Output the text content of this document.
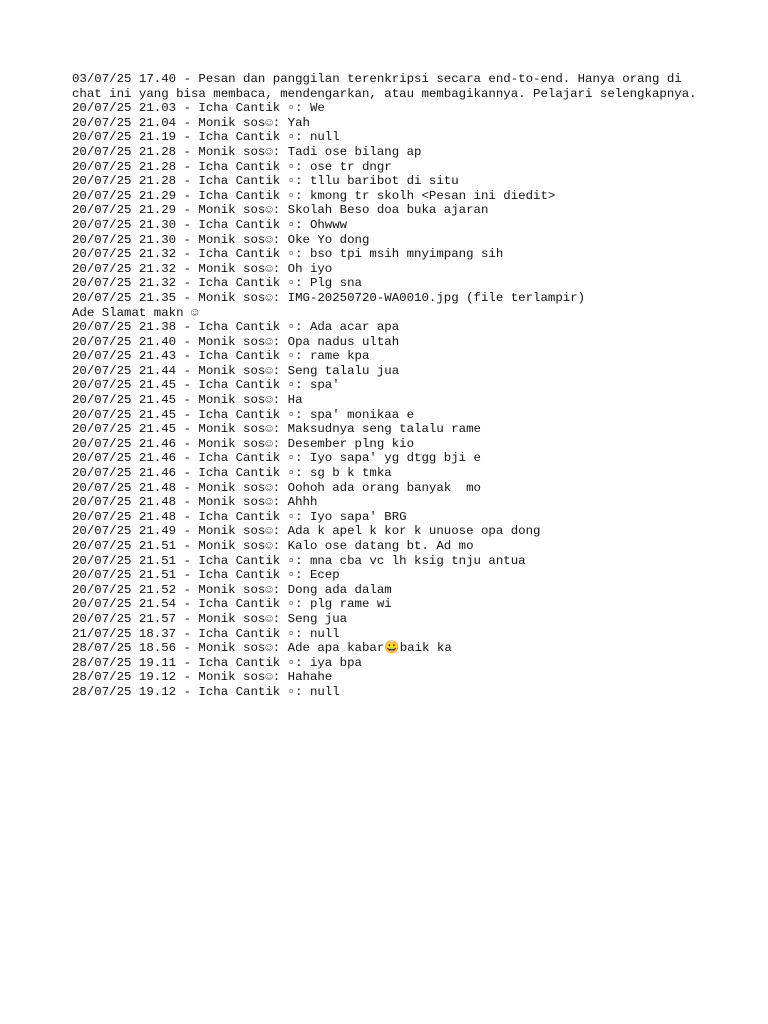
03/07/25 17.40 - Pesan dan panggilan terenkripsi secara end-to-end. Hanya orang di chat ini yang bisa membaca, mendengarkan, atau membagikannya. Pelajari selengkapnya.

20/07/25 21.03 - Icha Cantik ▫: We

20/07/25 21.04 - Monik sos☺: Yah

20/07/25 21.19 - Icha Cantik ▫: null

20/07/25 21.28 - Monik sos☺: Tadi ose bilang ap

20/07/25 21.28 - Icha Cantik ▫: ose tr dngr

20/07/25 21.28 - Icha Cantik ▫: tllu baribot di situ

20/07/25 21.29 - Icha Cantik ▫: kmong tr skolh <Pesan ini diedit>

20/07/25 21.29 - Monik sos☺: Skolah Beso doa buka ajaran

20/07/25 21.30 - Icha Cantik ▫: Ohwww

20/07/25 21.30 - Monik sos☺: Oke Yo dong

20/07/25 21.32 - Icha Cantik ▫: bso tpi msih mnyimpang sih

20/07/25 21.32 - Monik sos☺: Oh iyo

20/07/25 21.32 - Icha Cantik ▫: Plg sna

20/07/25 21.35 - Monik sos☺: IMG-20250720-WA0010.jpg (file terlampir)

Ade Slamat makn ☺

20/07/25 21.38 - Icha Cantik ▫: Ada acar apa

20/07/25 21.40 - Monik sos☺: Opa nadus ultah

20/07/25 21.43 - Icha Cantik ▫: rame kpa

20/07/25 21.44 - Monik sos☺: Seng talalu jua

20/07/25 21.45 - Icha Cantik ▫: spa'

20/07/25 21.45 - Monik sos☺: Ha

20/07/25 21.45 - Icha Cantik ▫: spa' monikaa e

20/07/25 21.45 - Monik sos☺: Maksudnya seng talalu rame

20/07/25 21.46 - Monik sos☺: Desember plng kio

20/07/25 21.46 - Icha Cantik ▫: Iyo sapa' yg dtgg bji e

20/07/25 21.46 - Icha Cantik ▫: sg b k tmka

20/07/25 21.48 - Monik sos☺: Oohoh ada orang banyak  mo

20/07/25 21.48 - Monik sos☺: Ahhh

20/07/25 21.48 - Icha Cantik ▫: Iyo sapa' BRG

20/07/25 21.49 - Monik sos☺: Ada k apel k kor k unuose opa dong

20/07/25 21.51 - Monik sos☺: Kalo ose datang bt. Ad mo

20/07/25 21.51 - Icha Cantik ▫: mna cba vc lh ksig tnju antua

20/07/25 21.51 - Icha Cantik ▫: Ecep

20/07/25 21.52 - Monik sos☺: Dong ada dalam

20/07/25 21.54 - Icha Cantik ▫: plg rame wi

20/07/25 21.57 - Monik sos☺: Seng jua

21/07/25 18.37 - Icha Cantik ▫: null

28/07/25 18.56 - Monik sos☺: Ade apa kabar😀baik ka

28/07/25 19.11 - Icha Cantik ▫: iya bpa

28/07/25 19.12 - Monik sos☺: Hahahe

28/07/25 19.12 - Icha Cantik ▫: null
